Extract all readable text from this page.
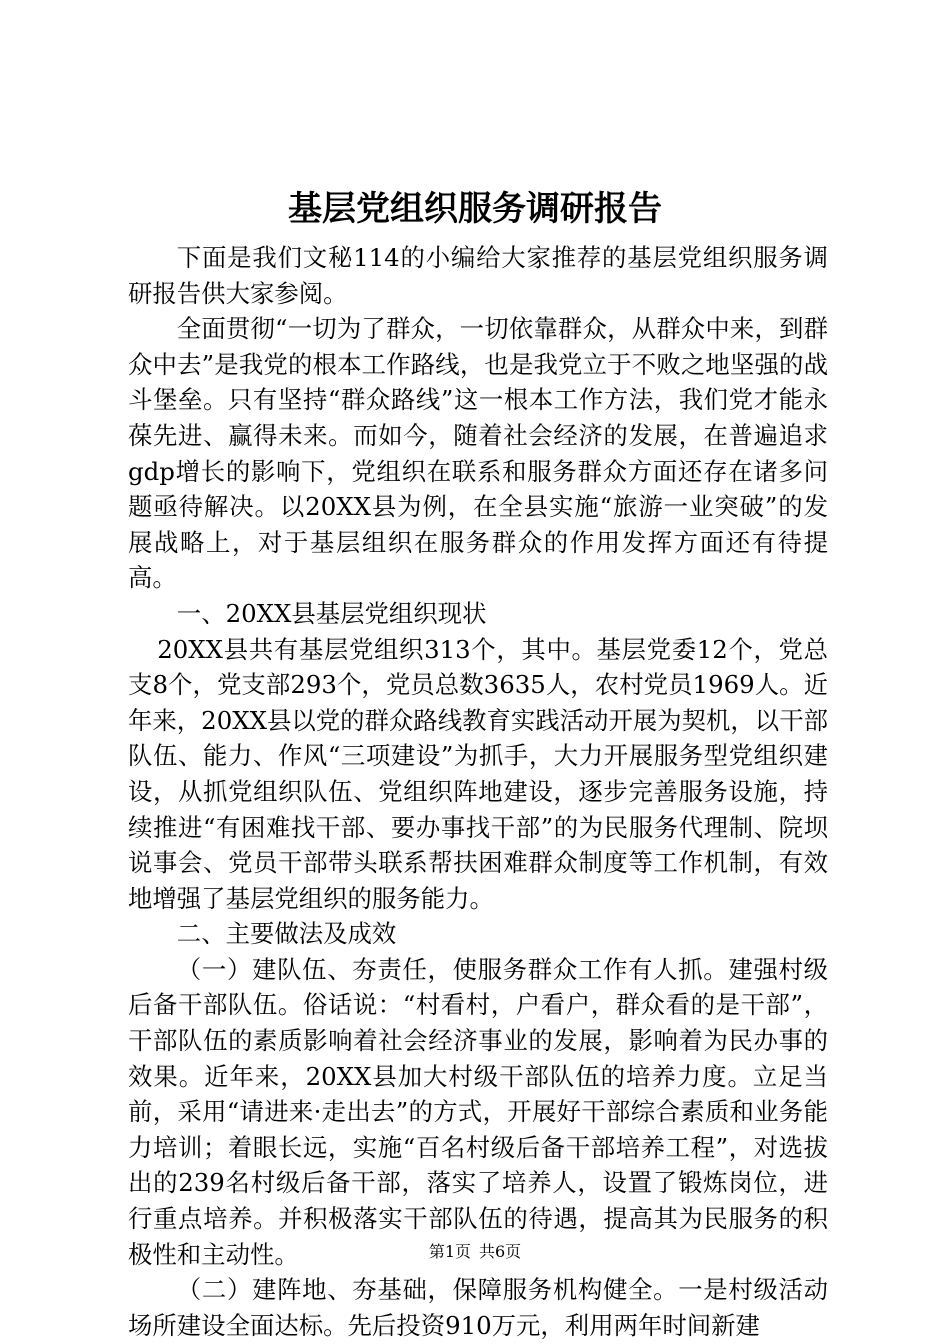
基层党组织服务调研报告

下面是我们文秘114的小编给大家推荐的基层党组织服务调研报告供大家参阅。

全面贯彻“一切为了群众，一切依靠群众，从群众中来，到群众中去”是我党的根本工作路线，也是我党立于不败之地坚强的战斗堡垒。只有坚持“群众路线”这一根本工作方法，我们党才能永葆先进、赢得未来。而如今，随着社会经济的发展，在普遍追求gdp增长的影响下，党组织在联系和服务群众方面还存在诸多问题亟待解决。以20XX县为例，在全县实施“旅游一业突破”的发展战略上，对于基层组织在服务群众的作用发挥方面还有待提高。

一、20XX县基层党组织现状

20XX县共有基层党组织313个，其中。基层党委12个，党总支8个，党支部293个，党员总数3635人，农村党员1969人。近年来，20XX县以党的群众路线教育实践活动开展为契机，以干部队伍、能力、作风“三项建设”为抓手，大力开展服务型党组织建设，从抓党组织队伍、党组织阵地建设，逐步完善服务设施，持续推进“有困难找干部、要办事找干部”的为民服务代理制、院坝说事会、党员干部带头联系帮扶困难群众制度等工作机制，有效地增强了基层党组织的服务能力。

二、主要做法及成效

（一）建队伍、夯责任，使服务群众工作有人抓。建强村级后备干部队伍。俗话说：“村看村，户看户，群众看的是干部”，干部队伍的素质影响着社会经济事业的发展，影响着为民办事的效果。近年来，20XX县加大村级干部队伍的培养力度。立足当前，采用“请进来·走出去”的方式，开展好干部综合素质和业务能力培训；着眼长远，实施“百名村级后备干部培养工程”，对选拔出的239名村级后备干部，落实了培养人，设置了锻炼岗位，进行重点培养。并积极落实干部队伍的待遇，提高其为民服务的积极性和主动性。

（二）建阵地、夯基础，保障服务机构健全。一是村级活动场所建设全面达标。先后投资910万元，利用两年时间新建

第1页 共6页
